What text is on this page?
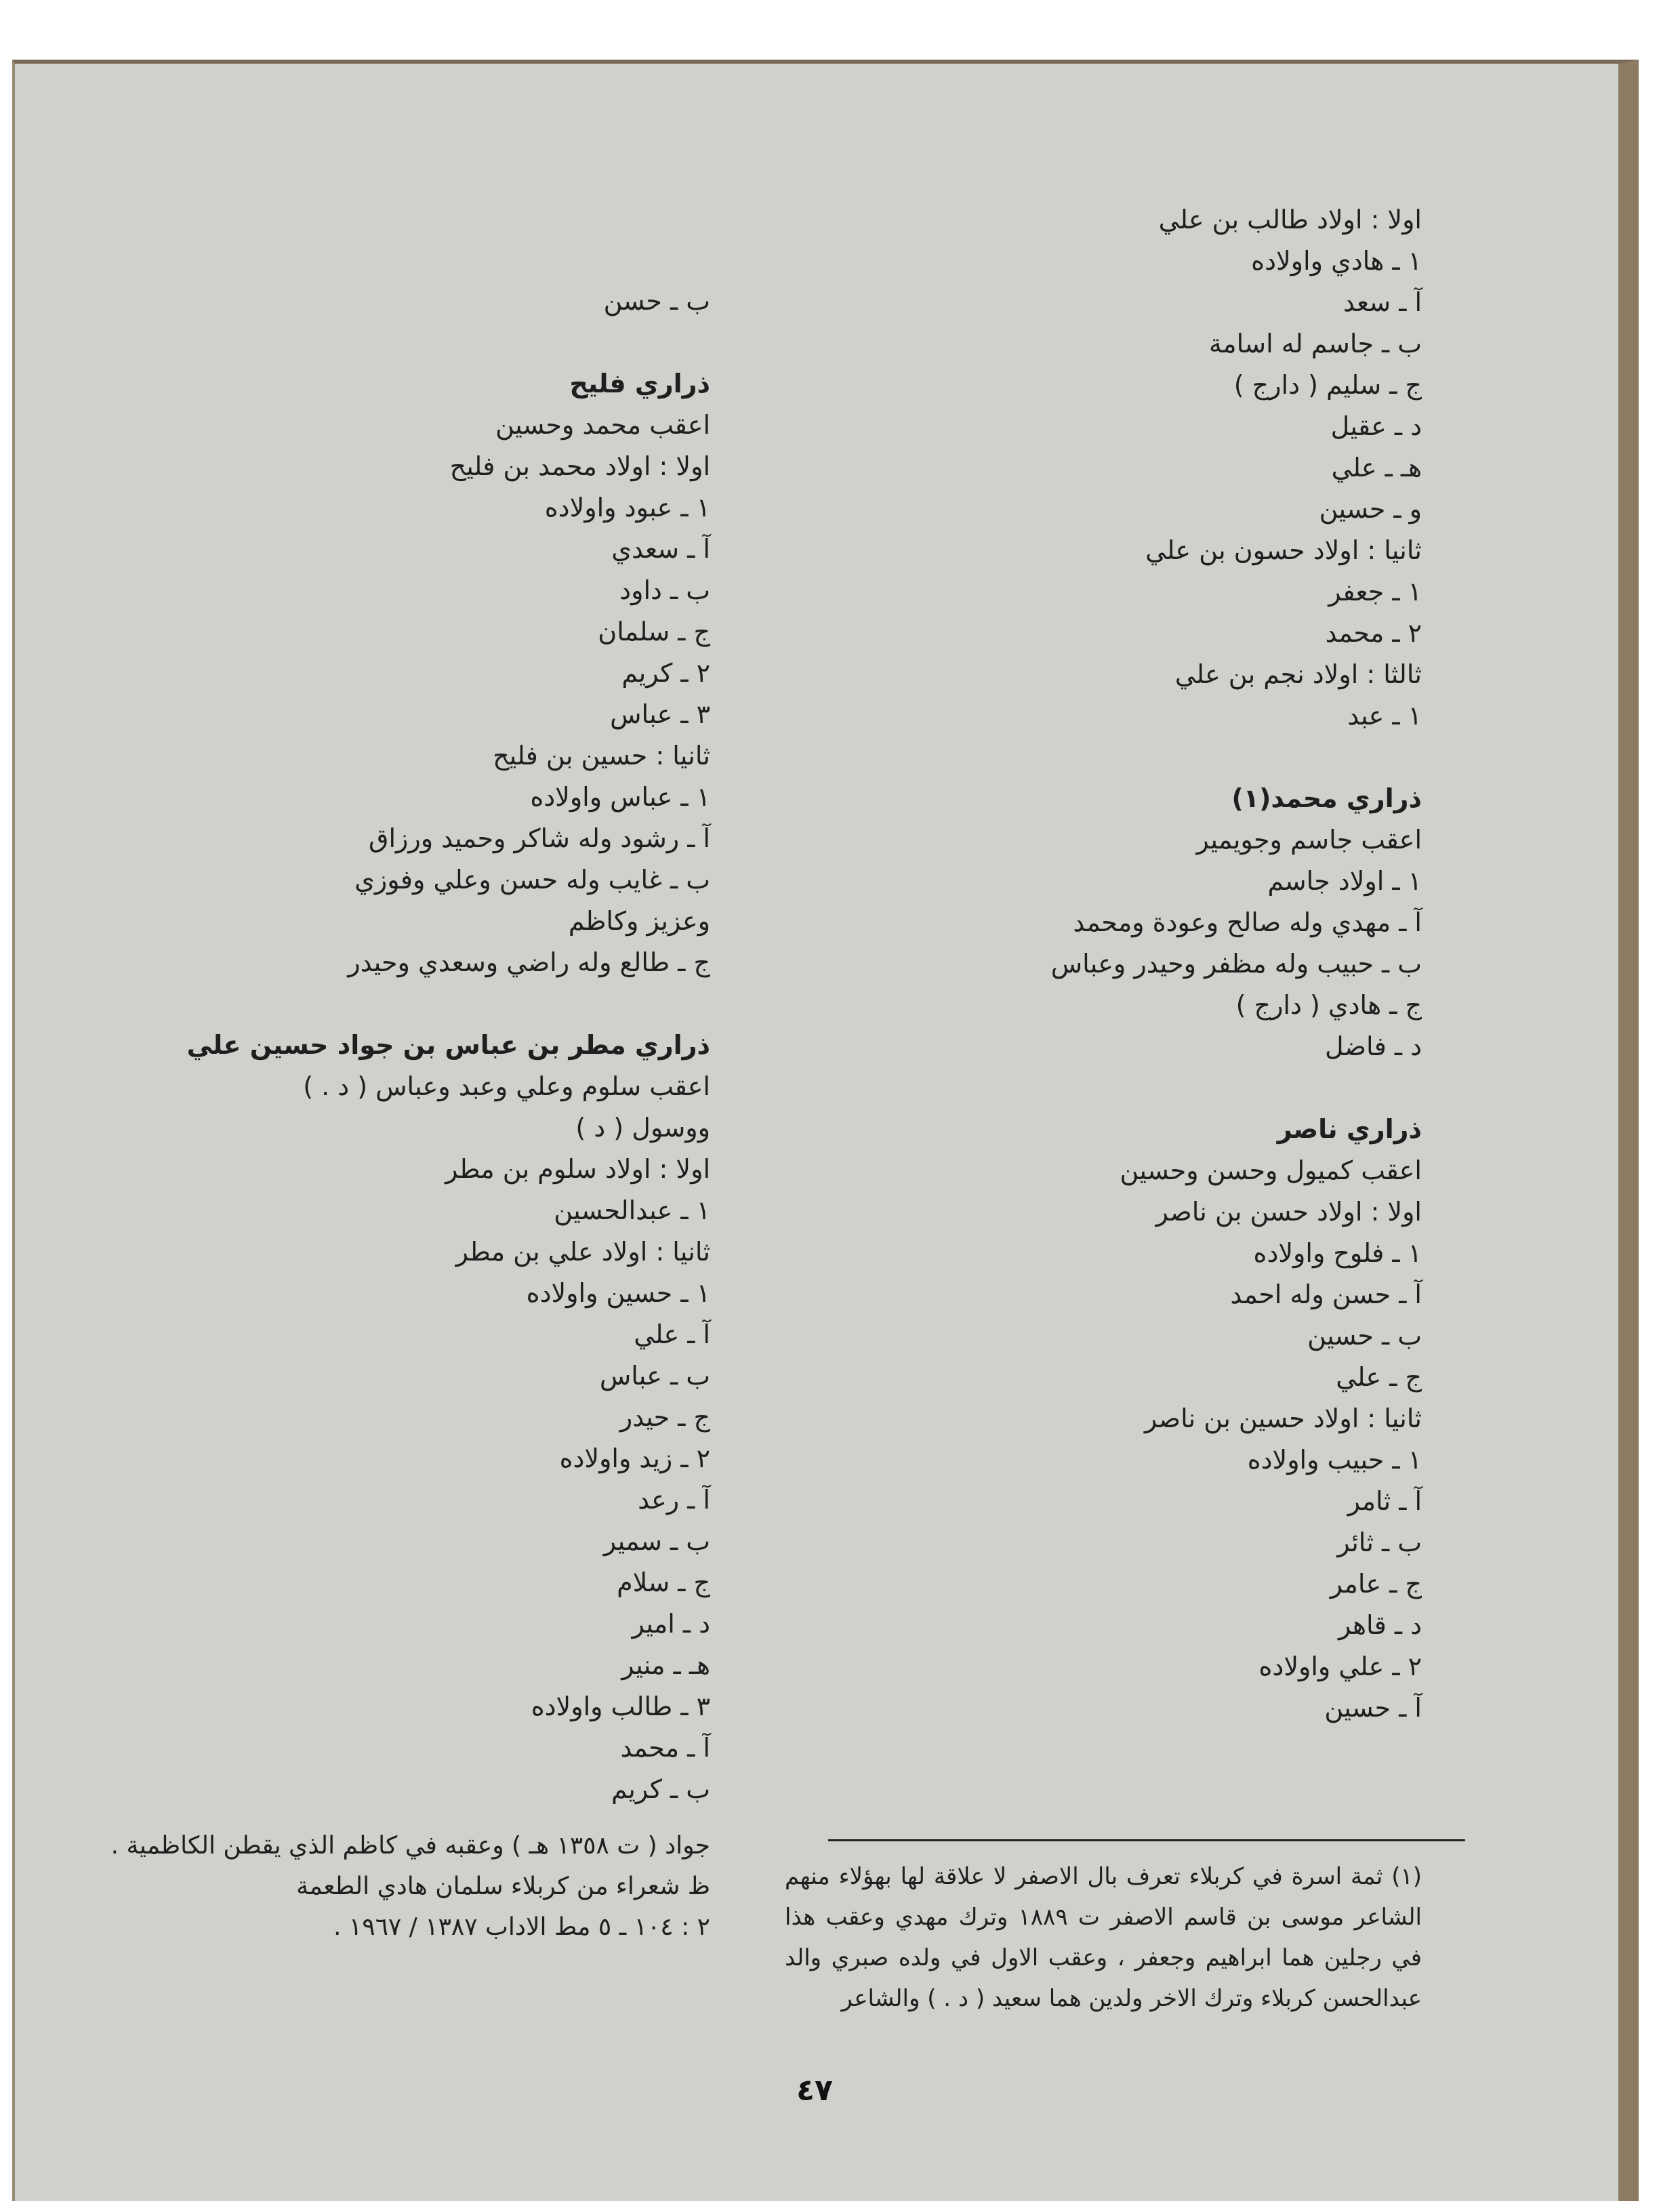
اولا : اولاد طالب بن علي
١ ـ هادي واولاده
آ ـ سعد
ب ـ جاسم له اسامة
ج ـ سليم ( دارج )
د ـ عقيل
هـ ـ علي
و ـ حسين
ثانيا : اولاد حسون بن علي
١ ـ جعفر
٢ ـ محمد
ثالثا : اولاد نجم بن علي
١ ـ عبد
ذراري محمد(١)
اعقب جاسم وجويمير
١ ـ اولاد جاسم
آ ـ مهدي وله صالح وعودة ومحمد
ب ـ حبيب وله مظفر وحيدر وعباس
ج ـ هادي ( دارج )
د ـ فاضل
ذراري ناصر
اعقب كميول وحسن وحسين
اولا : اولاد حسن بن ناصر
١ ـ فلوح واولاده
آ ـ حسن وله احمد
ب ـ حسين
ج ـ علي
ثانيا : اولاد حسين بن ناصر
١ ـ حبيب واولاده
آ ـ ثامر
ب ـ ثائر
ج ـ عامر
د ـ قاهر
٢ ـ علي واولاده
آ ـ حسين
ب ـ حسن
ذراري فليح
اعقب محمد وحسين
اولا : اولاد محمد بن فليح
١ ـ عبود واولاده
آ ـ سعدي
ب ـ داود
ج ـ سلمان
٢ ـ كريم
٣ ـ عباس
ثانيا : حسين بن فليح
١ ـ عباس واولاده
آ ـ رشود وله شاكر وحميد ورزاق
ب ـ غايب وله حسن وعلي وفوزي
وعزيز وكاظم
ج ـ طالع وله راضي وسعدي وحيدر
ذراري مطر بن عباس بن جواد حسين علي
اعقب سلوم وعلي وعبد وعباس ( د . )
ووسول ( د )
اولا : اولاد سلوم بن مطر
١ ـ عبدالحسين
ثانيا : اولاد علي بن مطر
١ ـ حسين واولاده
آ ـ علي
ب ـ عباس
ج ـ حيدر
٢ ـ زيد واولاده
آ ـ رعد
ب ـ سمير
ج ـ سلام
د ـ امير
هـ ـ منير
٣ ـ طالب واولاده
آ ـ محمد
ب ـ كريم
(١) ثمة اسرة في كربلاء تعرف بال الاصفر لا علاقة لها بهؤلاء منهم الشاعر موسى بن قاسم الاصفر ت ١٨٨٩ وترك مهدي وعقب هذا في رجلين هما ابراهيم وجعفر ، وعقب الاول في ولده صبري والد عبدالحسن كربلاء وترك الاخر ولدين هما سعيد ( د . ) والشاعر
جواد ( ت ١٣٥٨ هـ ) وعقبه في كاظم الذي يقطن الكاظمية .
ظ شعراء من كربلاء سلمان هادي الطعمة
٢ : ١٠٤ ـ ٥ مط الاداب ١٣٨٧ / ١٩٦٧ .
٤٧
